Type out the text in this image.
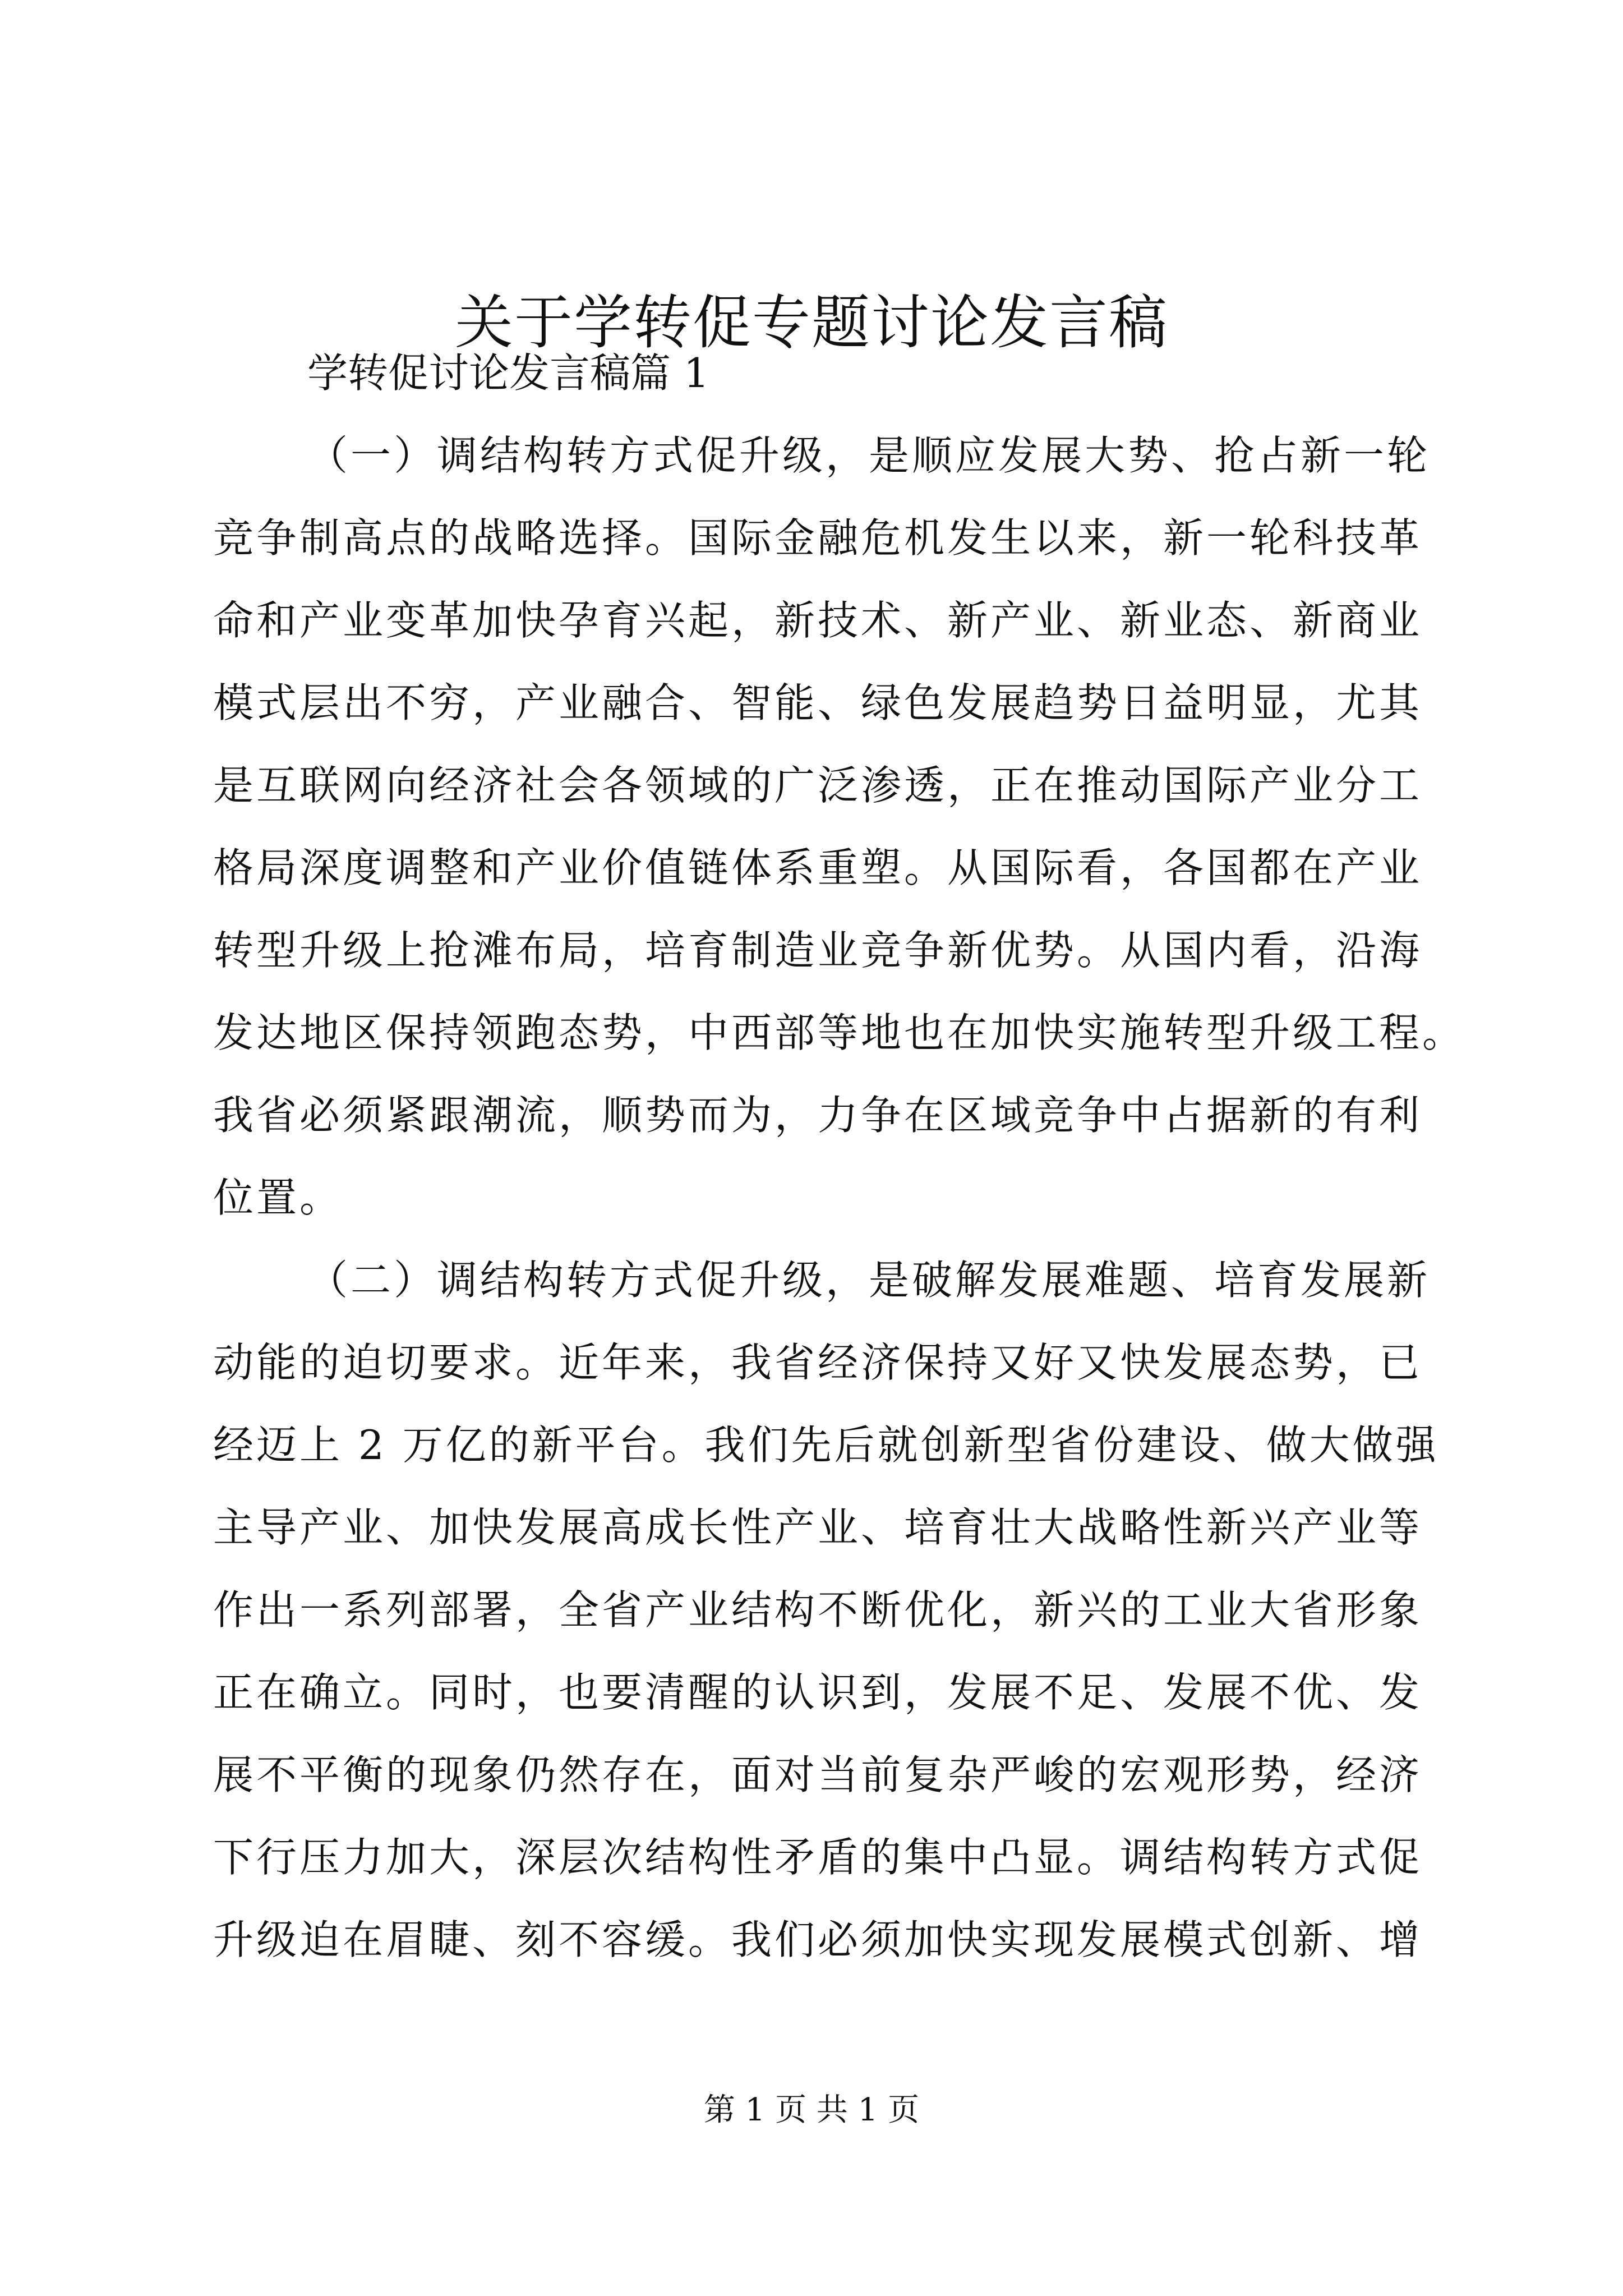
关于学转促专题讨论发言稿

学转促讨论发言稿篇 1

（一）调结构转方式促升级，是顺应发展大势、抢占新一轮

竞争制高点的战略选择。国际金融危机发生以来，新一轮科技革

命和产业变革加快孕育兴起，新技术、新产业、新业态、新商业

模式层出不穷，产业融合、智能、绿色发展趋势日益明显，尤其

是互联网向经济社会各领域的广泛渗透，正在推动国际产业分工

格局深度调整和产业价值链体系重塑。从国际看，各国都在产业

转型升级上抢滩布局，培育制造业竞争新优势。从国内看，沿海

发达地区保持领跑态势，中西部等地也在加快实施转型升级工程。

我省必须紧跟潮流，顺势而为，力争在区域竞争中占据新的有利

位置。

（二）调结构转方式促升级，是破解发展难题、培育发展新

动能的迫切要求。近年来，我省经济保持又好又快发展态势，已

经迈上 2 万亿的新平台。我们先后就创新型省份建设、做大做强

主导产业、加快发展高成长性产业、培育壮大战略性新兴产业等

作出一系列部署，全省产业结构不断优化，新兴的工业大省形象

正在确立。同时，也要清醒的认识到，发展不足、发展不优、发

展不平衡的现象仍然存在，面对当前复杂严峻的宏观形势，经济

下行压力加大，深层次结构性矛盾的集中凸显。调结构转方式促

升级迫在眉睫、刻不容缓。我们必须加快实现发展模式创新、增

第 1 页 共 1 页
